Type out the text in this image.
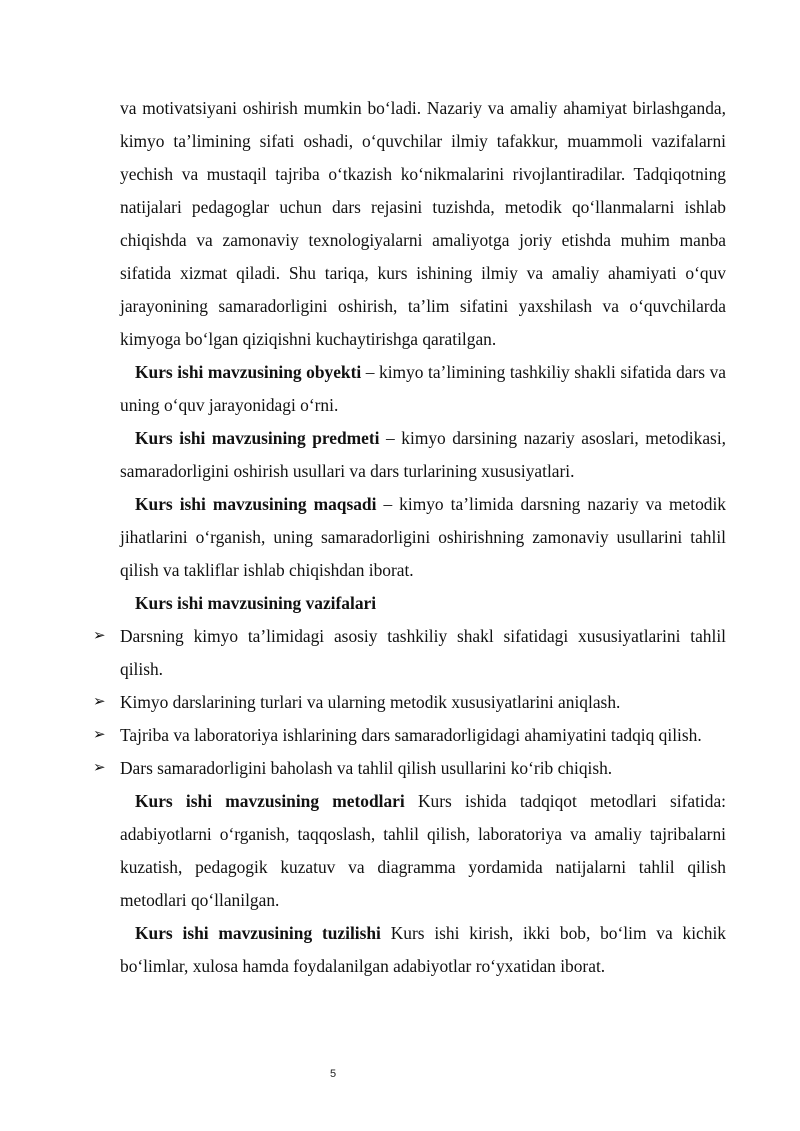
va motivatsiyani oshirish mumkin bo‘ladi. Nazariy va amaliy ahamiyat birlashganda, kimyo ta’limining sifati oshadi, o‘quvchilar ilmiy tafakkur, muammoli vazifalarni yechish va mustaqil tajriba o‘tkazish ko‘nikmalarini rivojlantiradilar. Tadqiqotning natijalari pedagoglar uchun dars rejasini tuzishda, metodik qo‘llanmalarni ishlab chiqishda va zamonaviy texnologiyalarni amaliyotga joriy etishda muhim manba sifatida xizmat qiladi. Shu tariqa, kurs ishining ilmiy va amaliy ahamiyati o‘quv jarayonining samaradorligini oshirish, ta’lim sifatini yaxshilash va o‘quvchilarda kimyoga bo‘lgan qiziqishni kuchaytirishga qaratilgan.

Kurs ishi mavzusining obyekti – kimyo ta’limining tashkiliy shakli sifatida dars va uning o‘quv jarayonidagi o‘rni.

Kurs ishi mavzusining predmeti – kimyo darsining nazariy asoslari, metodikasi, samaradorligini oshirish usullari va dars turlarining xususiyatlari.

Kurs ishi mavzusining maqsadi – kimyo ta’limida darsning nazariy va metodik jihatlarini o‘rganish, uning samaradorligini oshirishning zamonaviy usullarini tahlil qilish va takliflar ishlab chiqishdan iborat.

Kurs ishi mavzusining vazifalari

➢ Darsning kimyo ta’limidagi asosiy tashkiliy shakl sifatidagi xususiyatlarini tahlil qilish.

➢ Kimyo darslarining turlari va ularning metodik xususiyatlarini aniqlash.

➢ Tajriba va laboratoriya ishlarining dars samaradorligidagi ahamiyatini tadqiq qilish.

➢ Dars samaradorligini baholash va tahlil qilish usullarini ko‘rib chiqish.

Kurs ishi mavzusining metodlari Kurs ishida tadqiqot metodlari sifatida: adabiyotlarni o‘rganish, taqqoslash, tahlil qilish, laboratoriya va amaliy tajribalarni kuzatish, pedagogik kuzatuv va diagramma yordamida natijalarni tahlil qilish metodlari qo‘llanilgan.

Kurs ishi mavzusining tuzilishi Kurs ishi kirish, ikki bob, bo‘lim va kichik bo‘limlar, xulosa hamda foydalanilgan adabiyotlar ro‘yxatidan iborat.

5
